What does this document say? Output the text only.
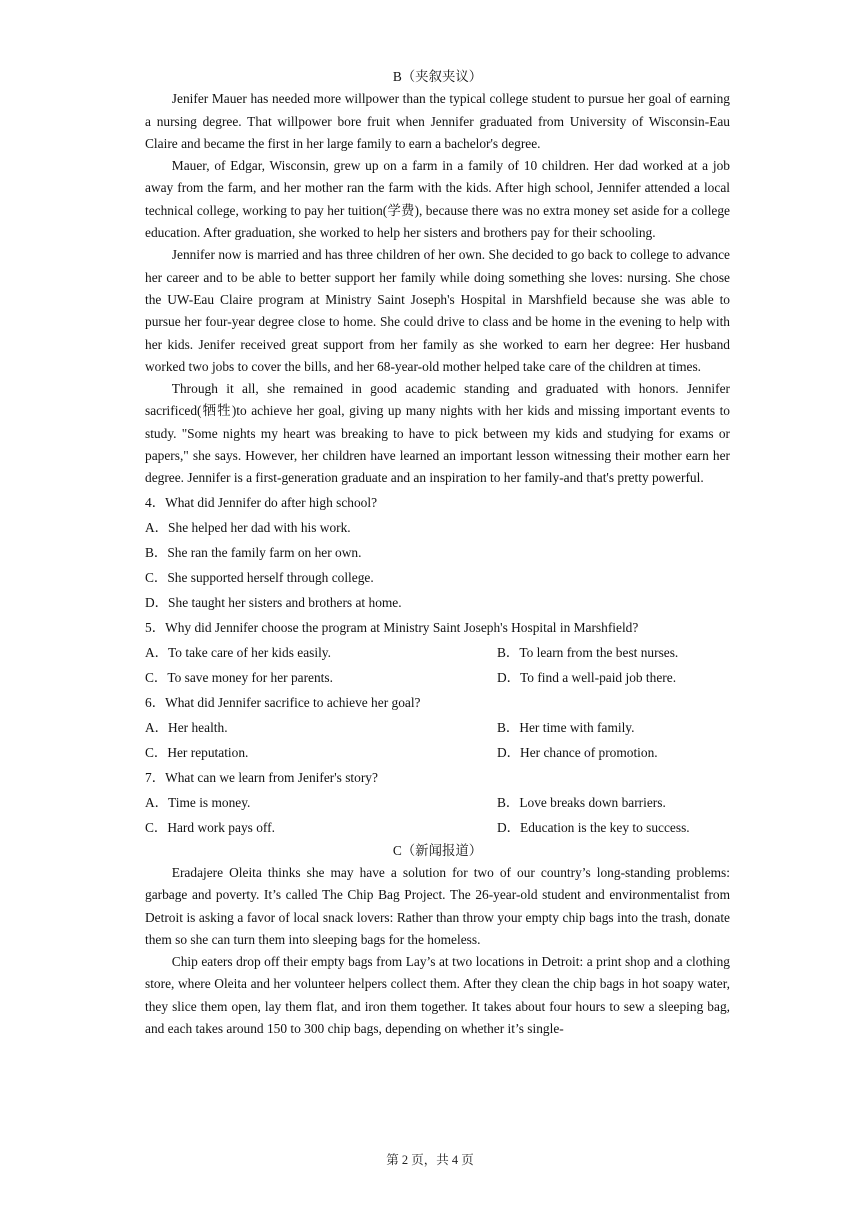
B（夹叙夹议）

Jenifer Mauer has needed more willpower than the typical college student to pursue her goal of earning a nursing degree. That willpower bore fruit when Jennifer graduated from University of Wisconsin-Eau Claire and became the first in her large family to earn a bachelor's degree.

Mauer, of Edgar, Wisconsin, grew up on a farm in a family of 10 children. Her dad worked at a job away from the farm, and her mother ran the farm with the kids. After high school, Jennifer attended a local technical college, working to pay her tuition(学费), because there was no extra money set aside for a college education. After graduation, she worked to help her sisters and brothers pay for their schooling.

Jennifer now is married and has three children of her own. She decided to go back to college to advance her career and to be able to better support her family while doing something she loves: nursing. She chose the UW-Eau Claire program at Ministry Saint Joseph's Hospital in Marshfield because she was able to pursue her four-year degree close to home. She could drive to class and be home in the evening to help with her kids. Jenifer received great support from her family as she worked to earn her degree: Her husband worked two jobs to cover the bills, and her 68-year-old mother helped take care of the children at times.

Through it all, she remained in good academic standing and graduated with honors. Jennifer sacrificed(牺牲)to achieve her goal, giving up many nights with her kids and missing important events to study. "Some nights my heart was breaking to have to pick between my kids and studying for exams or papers," she says. However, her children have learned an important lesson witnessing their mother earn her degree. Jennifer is a first-generation graduate and an inspiration to her family-and that's pretty powerful.

4．What did Jennifer do after high school?

A．She helped her dad with his work.

B．She ran the family farm on her own.

C．She supported herself through college.

D．She taught her sisters and brothers at home.

5．Why did Jennifer choose the program at Ministry Saint Joseph's Hospital in Marshfield?

A．To take care of her kids easily.	B．To learn from the best nurses.
C．To save money for her parents.	D．To find a well-paid job there.

6．What did Jennifer sacrifice to achieve her goal?

A．Her health.	B．Her time with family.
C．Her reputation.	D．Her chance of promotion.

7．What can we learn from Jenifer's story?

A．Time is money.	B．Love breaks down barriers.
C．Hard work pays off.	D．Education is the key to success.
C（新闻报道）

Eradajere Oleita thinks she may have a solution for two of our country’s long-standing problems: garbage and poverty. It’s called The Chip Bag Project. The 26-year-old student and environmentalist from Detroit is asking a favor of local snack lovers: Rather than throw your empty chip bags into the trash, donate them so she can turn them into sleeping bags for the homeless.

Chip eaters drop off their empty bags from Lay’s at two locations in Detroit: a print shop and a clothing store, where Oleita and her volunteer helpers collect them. After they clean the chip bags in hot soapy water, they slice them open, lay them flat, and iron them together. It takes about four hours to sew a sleeping bag, and each takes around 150 to 300 chip bags, depending on whether it’s single-

第 2 页，共 4 页
